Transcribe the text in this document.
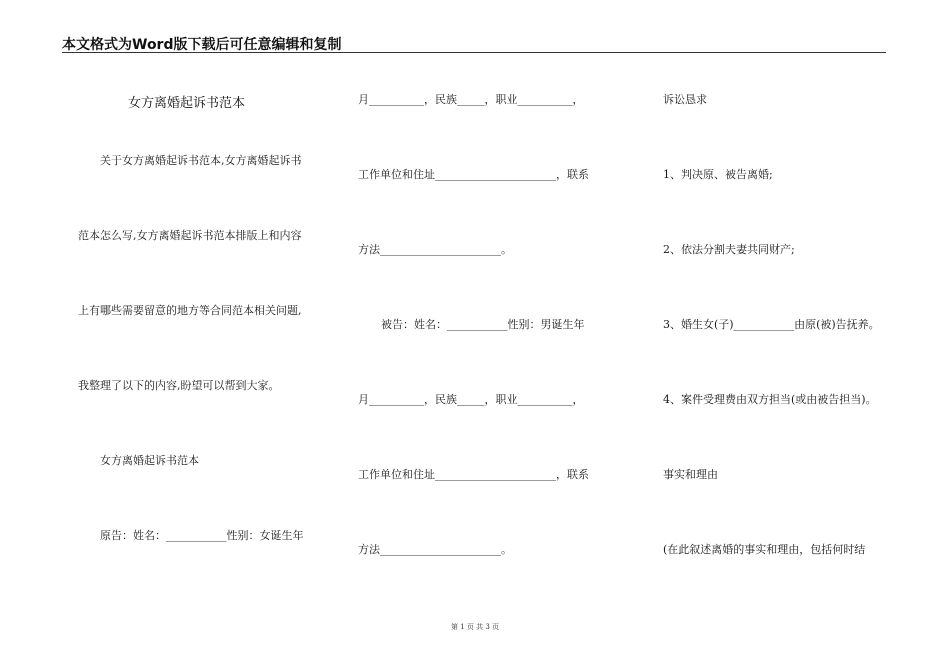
本文格式为Word版下载后可任意编辑和复制
女方离婚起诉书范本
关于女方离婚起诉书范本,女方离婚起诉书
范本怎么写,女方离婚起诉书范本排版上和内容
上有哪些需要留意的地方等合同范本相关问题,
我整理了以下的内容,盼望可以帮到大家。
女方离婚起诉书范本
原告：姓名：___________性别：女诞生年
月__________，民族_____，职业__________，
工作单位和住址______________________，联系
方法______________________。
被告：姓名：___________性别：男诞生年
月__________，民族_____，职业__________，
工作单位和住址______________________，联系
方法______________________。
诉讼恳求
1、判决原、被告离婚;
2、依法分割夫妻共同财产;
3、婚生女(子)___________由原(被)告抚养。
4、案件受理费由双方担当(或由被告担当)。
事实和理由
(在此叙述离婚的事实和理由，包括何时结
第 1 页 共 3 页
